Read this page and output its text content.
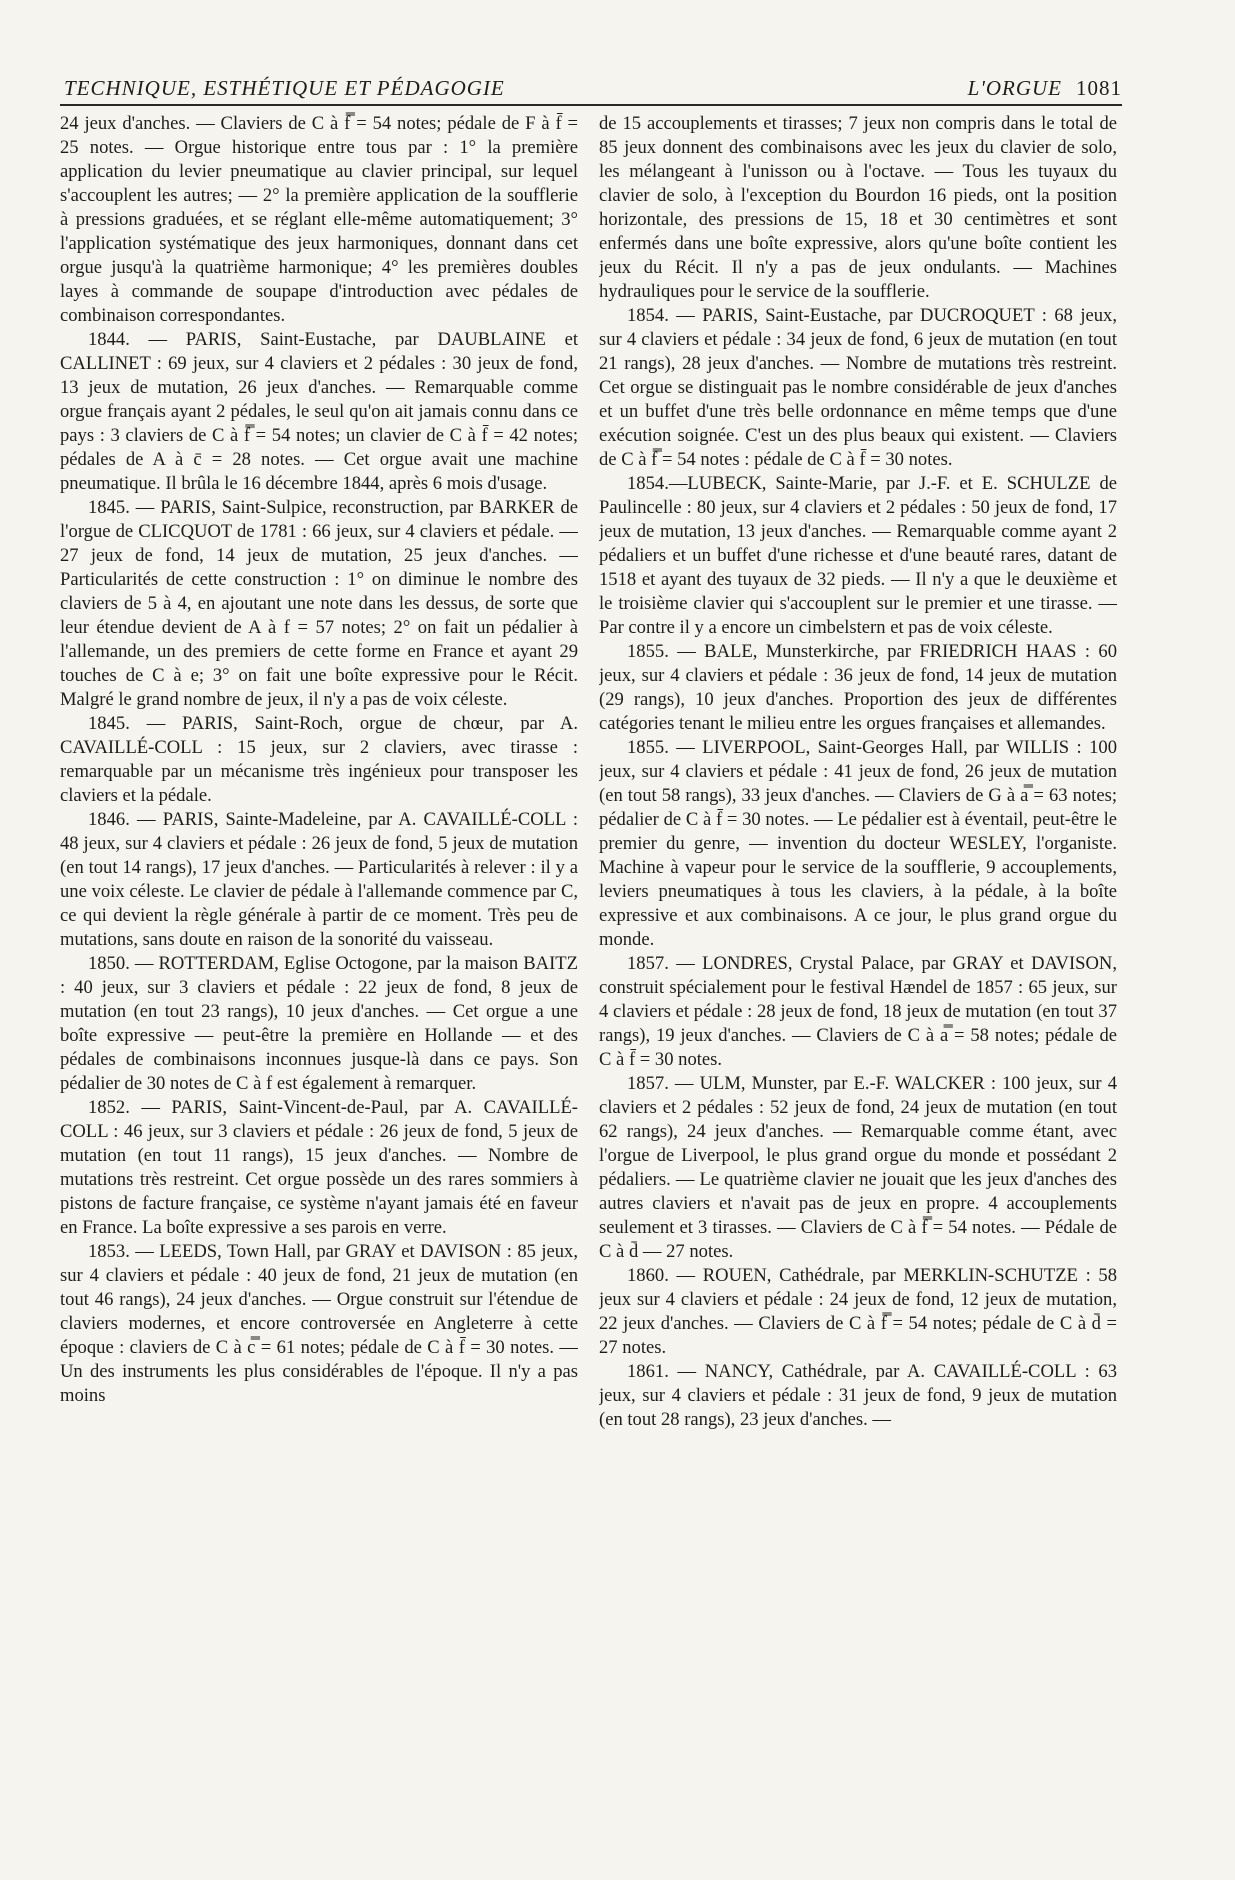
TECHNIQUE, ESTHÉTIQUE ET PÉDAGOGIE	L'ORGUE 1081

24 jeux d'anches. — Claviers de C à f̿ = 54 notes; pédale de F à f̄ = 25 notes. — Orgue historique entre tous par : 1° la première application du levier pneumatique au clavier principal, sur lequel s'accouplent les autres; — 2° la première application de la soufflerie à pressions graduées, et se réglant elle-même automatiquement; 3° l'application systématique des jeux harmoniques, donnant dans cet orgue jusqu'à la quatrième harmonique; 4° les premières doubles layes à commande de soupape d'introduction avec pédales de combinaison correspondantes.

1844. — PARIS, Saint-Eustache, par DAUBLAINE et CALLINET : 69 jeux, sur 4 claviers et 2 pédales : 30 jeux de fond, 13 jeux de mutation, 26 jeux d'anches. — Remarquable comme orgue français ayant 2 pédales, le seul qu'on ait jamais connu dans ce pays : 3 claviers de C à f̿ = 54 notes; un clavier de C à f̄ = 42 notes; pédales de A à c̄ = 28 notes. — Cet orgue avait une machine pneumatique. Il brûla le 16 décembre 1844, après 6 mois d'usage.

1845. — PARIS, Saint-Sulpice, reconstruction, par BARKER de l'orgue de CLICQUOT de 1781 : 66 jeux, sur 4 claviers et pédale. — 27 jeux de fond, 14 jeux de mutation, 25 jeux d'anches. — Particularités de cette construction : 1° on diminue le nombre des claviers de 5 à 4, en ajoutant une note dans les dessus, de sorte que leur étendue devient de A à f = 57 notes; 2° on fait un pédalier à l'allemande, un des premiers de cette forme en France et ayant 29 touches de C à e; 3° on fait une boîte expressive pour le Récit. Malgré le grand nombre de jeux, il n'y a pas de voix céleste.

1845. — PARIS, Saint-Roch, orgue de chœur, par A. CAVAILLÉ-COLL : 15 jeux, sur 2 claviers, avec tirasse : remarquable par un mécanisme très ingénieux pour transposer les claviers et la pédale.

1846. — PARIS, Sainte-Madeleine, par A. CAVAILLÉ-COLL : 48 jeux, sur 4 claviers et pédale : 26 jeux de fond, 5 jeux de mutation (en tout 14 rangs), 17 jeux d'anches. — Particularités à relever : il y a une voix céleste. Le clavier de pédale à l'allemande commence par C, ce qui devient la règle générale à partir de ce moment. Très peu de mutations, sans doute en raison de la sonorité du vaisseau.

1850. — ROTTERDAM, Eglise Octogone, par la maison BAITZ : 40 jeux, sur 3 claviers et pédale : 22 jeux de fond, 8 jeux de mutation (en tout 23 rangs), 10 jeux d'anches. — Cet orgue a une boîte expressive — peut-être la première en Hollande — et des pédales de combinaisons inconnues jusque-là dans ce pays. Son pédalier de 30 notes de C à f est également à remarquer.

1852. — PARIS, Saint-Vincent-de-Paul, par A. CAVAILLÉ-COLL : 46 jeux, sur 3 claviers et pédale : 26 jeux de fond, 5 jeux de mutation (en tout 11 rangs), 15 jeux d'anches. — Nombre de mutations très restreint. Cet orgue possède un des rares sommiers à pistons de facture française, ce système n'ayant jamais été en faveur en France. La boîte expressive a ses parois en verre.

1853. — LEEDS, Town Hall, par GRAY et DAVISON : 85 jeux, sur 4 claviers et pédale : 40 jeux de fond, 21 jeux de mutation (en tout 46 rangs), 24 jeux d'anches. — Orgue construit sur l'étendue de claviers modernes, et encore controversée en Angleterre à cette époque : claviers de C à c̿ = 61 notes; pédale de C à f̄ = 30 notes. — Un des instruments les plus considérables de l'époque. Il n'y a pas moins

de 15 accouplements et tirasses; 7 jeux non compris dans le total de 85 jeux donnent des combinaisons avec les jeux du clavier de solo, les mélangeant à l'unisson ou à l'octave. — Tous les tuyaux du clavier de solo, à l'exception du Bourdon 16 pieds, ont la position horizontale, des pressions de 15, 18 et 30 centimètres et sont enfermés dans une boîte expressive, alors qu'une boîte contient les jeux du Récit. Il n'y a pas de jeux ondulants. — Machines hydrauliques pour le service de la soufflerie.

1854. — PARIS, Saint-Eustache, par DUCROQUET : 68 jeux, sur 4 claviers et pédale : 34 jeux de fond, 6 jeux de mutation (en tout 21 rangs), 28 jeux d'anches. — Nombre de mutations très restreint. Cet orgue se distinguait pas le nombre considérable de jeux d'anches et un buffet d'une très belle ordonnance en même temps que d'une exécution soignée. C'est un des plus beaux qui existent. — Claviers de C à f̿ = 54 notes : pédale de C à f̄ = 30 notes.

1854.—LUBECK, Sainte-Marie, par J.-F. et E. SCHULZE de Paulincelle : 80 jeux, sur 4 claviers et 2 pédales : 50 jeux de fond, 17 jeux de mutation, 13 jeux d'anches. — Remarquable comme ayant 2 pédaliers et un buffet d'une richesse et d'une beauté rares, datant de 1518 et ayant des tuyaux de 32 pieds. — Il n'y a que le deuxième et le troisième clavier qui s'accouplent sur le premier et une tirasse. — Par contre il y a encore un cimbelstern et pas de voix céleste.

1855. — BALE, Munsterkirche, par FRIEDRICH HAAS : 60 jeux, sur 4 claviers et pédale : 36 jeux de fond, 14 jeux de mutation (29 rangs), 10 jeux d'anches. Proportion des jeux de différentes catégories tenant le milieu entre les orgues françaises et allemandes.

1855. — LIVERPOOL, Saint-Georges Hall, par WILLIS : 100 jeux, sur 4 claviers et pédale : 41 jeux de fond, 26 jeux de mutation (en tout 58 rangs), 33 jeux d'anches. — Claviers de G à a̿ = 63 notes; pédalier de C à f̄ = 30 notes. — Le pédalier est à éventail, peut-être le premier du genre, — invention du docteur WESLEY, l'organiste. Machine à vapeur pour le service de la soufflerie, 9 accouplements, leviers pneumatiques à tous les claviers, à la pédale, à la boîte expressive et aux combinaisons. A ce jour, le plus grand orgue du monde.

1857. — LONDRES, Crystal Palace, par GRAY et DAVISON, construit spécialement pour le festival Hændel de 1857 : 65 jeux, sur 4 claviers et pédale : 28 jeux de fond, 18 jeux de mutation (en tout 37 rangs), 19 jeux d'anches. — Claviers de C à a̿ = 58 notes; pédale de C à f̄ = 30 notes.

1857. — ULM, Munster, par E.-F. WALCKER : 100 jeux, sur 4 claviers et 2 pédales : 52 jeux de fond, 24 jeux de mutation (en tout 62 rangs), 24 jeux d'anches. — Remarquable comme étant, avec l'orgue de Liverpool, le plus grand orgue du monde et possédant 2 pédaliers. — Le quatrième clavier ne jouait que les jeux d'anches des autres claviers et n'avait pas de jeux en propre. 4 accouplements seulement et 3 tirasses. — Claviers de C à f̿ = 54 notes. — Pédale de C à d̄ — 27 notes.

1860. — ROUEN, Cathédrale, par MERKLIN-SCHUTZE : 58 jeux sur 4 claviers et pédale : 24 jeux de fond, 12 jeux de mutation, 22 jeux d'anches. — Claviers de C à f̿ = 54 notes; pédale de C à d̄ = 27 notes.

1861. — NANCY, Cathédrale, par A. CAVAILLÉ-COLL : 63 jeux, sur 4 claviers et pédale : 31 jeux de fond, 9 jeux de mutation (en tout 28 rangs), 23 jeux d'anches. —
